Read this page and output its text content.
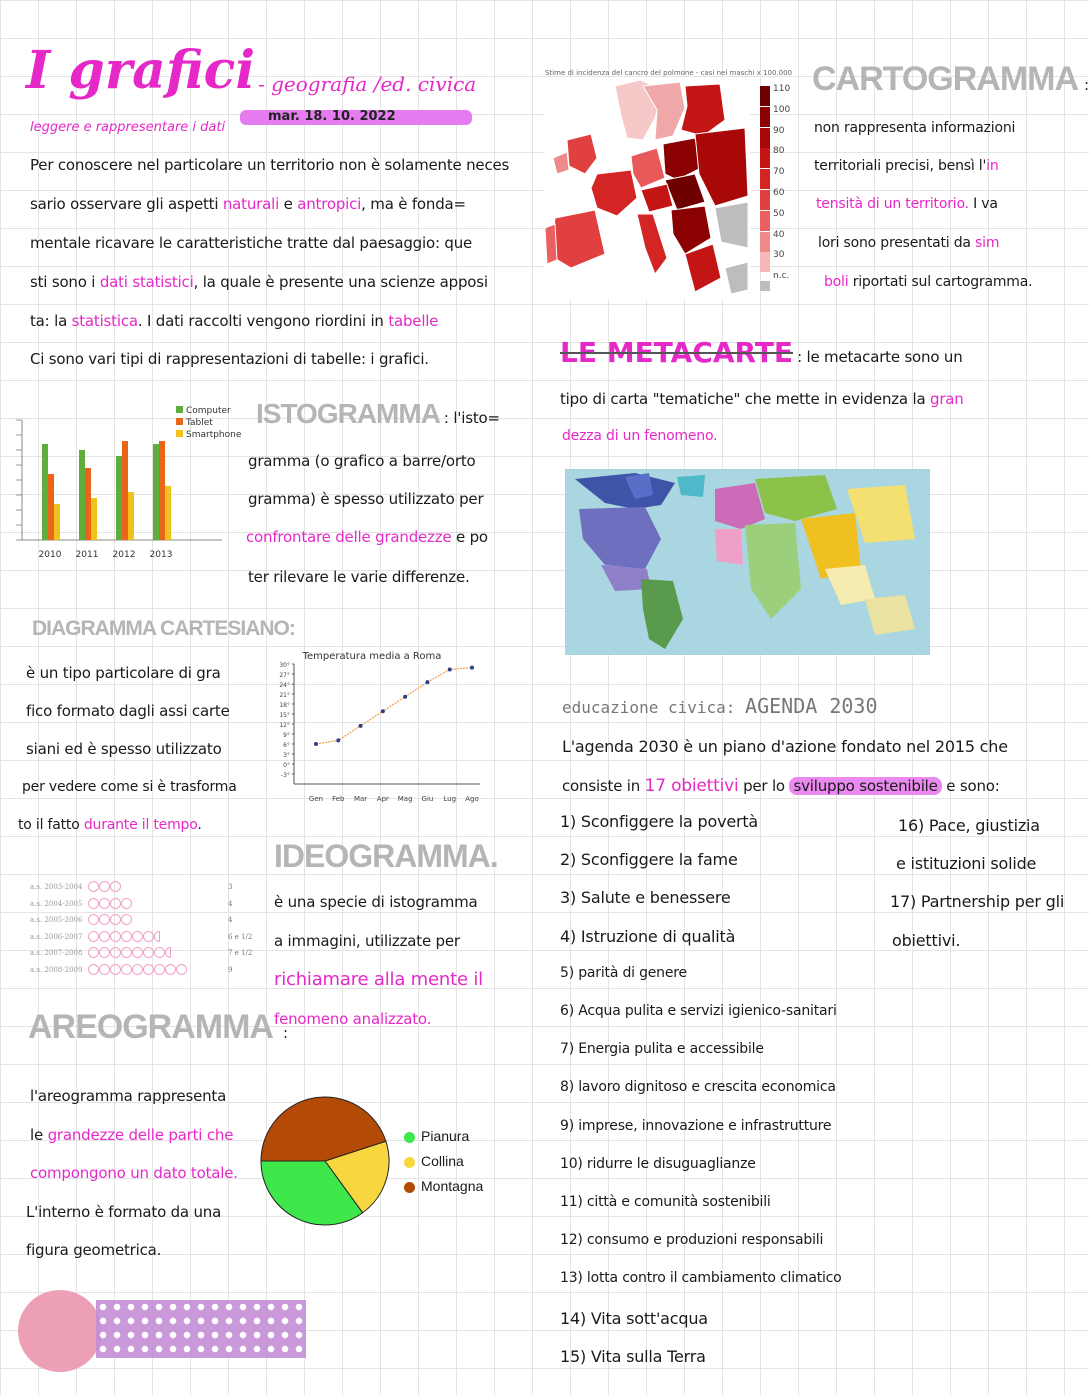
I grafici - geografia /ed. civica
mar. 18. 10. 2022
leggere e rappresentare i dati
Per conoscere nel particolare un territorio non è solamente neces
sario osservare gli aspetti naturali e antropici, ma è fonda=
mentale ricavare le caratteristiche tratte dal paesaggio: que
sti sono i dati statistici, la quale è presente una scienze apposi
ta: la statistica. I dati raccolti vengono riordini in tabelle
Ci sono vari tipi di rappresentazioni di tabelle: i grafici.
2010 2011 2012 2013
Computer
Tablet
Smartphone
ISTOGRAMMA : l'isto=
gramma (o grafico a barre/orto
gramma) è spesso utilizzato per
confrontare delle grandezze e po
ter rilevare le varie differenze.
DIAGRAMMA CARTESIANO:
è un tipo particolare di gra
fico formato dagli assi carte
siani ed è spesso utilizzato
per vedere come si è trasforma
to il fatto durante il tempo.
Temperatura media a Roma
30°
27°
24°
21°
18°
15°
12°
9°
6°
3°
0°
-3°
Gen Feb Mar Apr Mag Giu Lug Ago
a.s. 2003-2004	3
a.s. 2004-2005	4
a.s. 2005-2006	4
a.s. 2006-2007	6 e 1/2
a.s. 2007-2008	7 e 1/2
a.s. 2008-2009	9
IDEOGRAMMA.
è una specie di istogramma
a immagini, utilizzate per
richiamare alla mente il
fenomeno analizzato.
AREOGRAMMA :
l'areogramma rappresenta
le grandezze delle parti che
compongono un dato totale.
L'interno è formato da una
figura geometrica.
Pianura
Collina
Montagna
Stime di incidenza del cancro del polmone - casi nei maschi x 100.000
110
100
90
80
70
60
50
40
30
n.c.
CARTOGRAMMA :
non rappresenta informazioni
territoriali precisi, bensì l'in
tensità di un territorio. I va
lori sono presentati da sim
boli riportati sul cartogramma.
LE METACARTE : le metacarte sono un
tipo di carta "tematiche" che mette in evidenza la gran
dezza di un fenomeno.
educazione civica: AGENDA 2030
L'agenda 2030 è un piano d'azione fondato nel 2015 che
consiste in 17 obiettivi per lo sviluppo sostenibile e sono:
1) Sconfiggere la povertà
2) Sconfiggere la fame
3) Salute e benessere
4) Istruzione di qualità
5) parità di genere
6) Acqua pulita e servizi igienico-sanitari
7) Energia pulita e accessibile
8) lavoro dignitoso e crescita economica
9) imprese, innovazione e infrastrutture
10) ridurre le disuguaglianze
11) città e comunità sostenibili
12) consumo e produzioni responsabili
13) lotta contro il cambiamento climatico
14) Vita sott'acqua
15) Vita sulla Terra
16) Pace, giustizia
e istituzioni solide
17) Partnership per gli
obiettivi.
